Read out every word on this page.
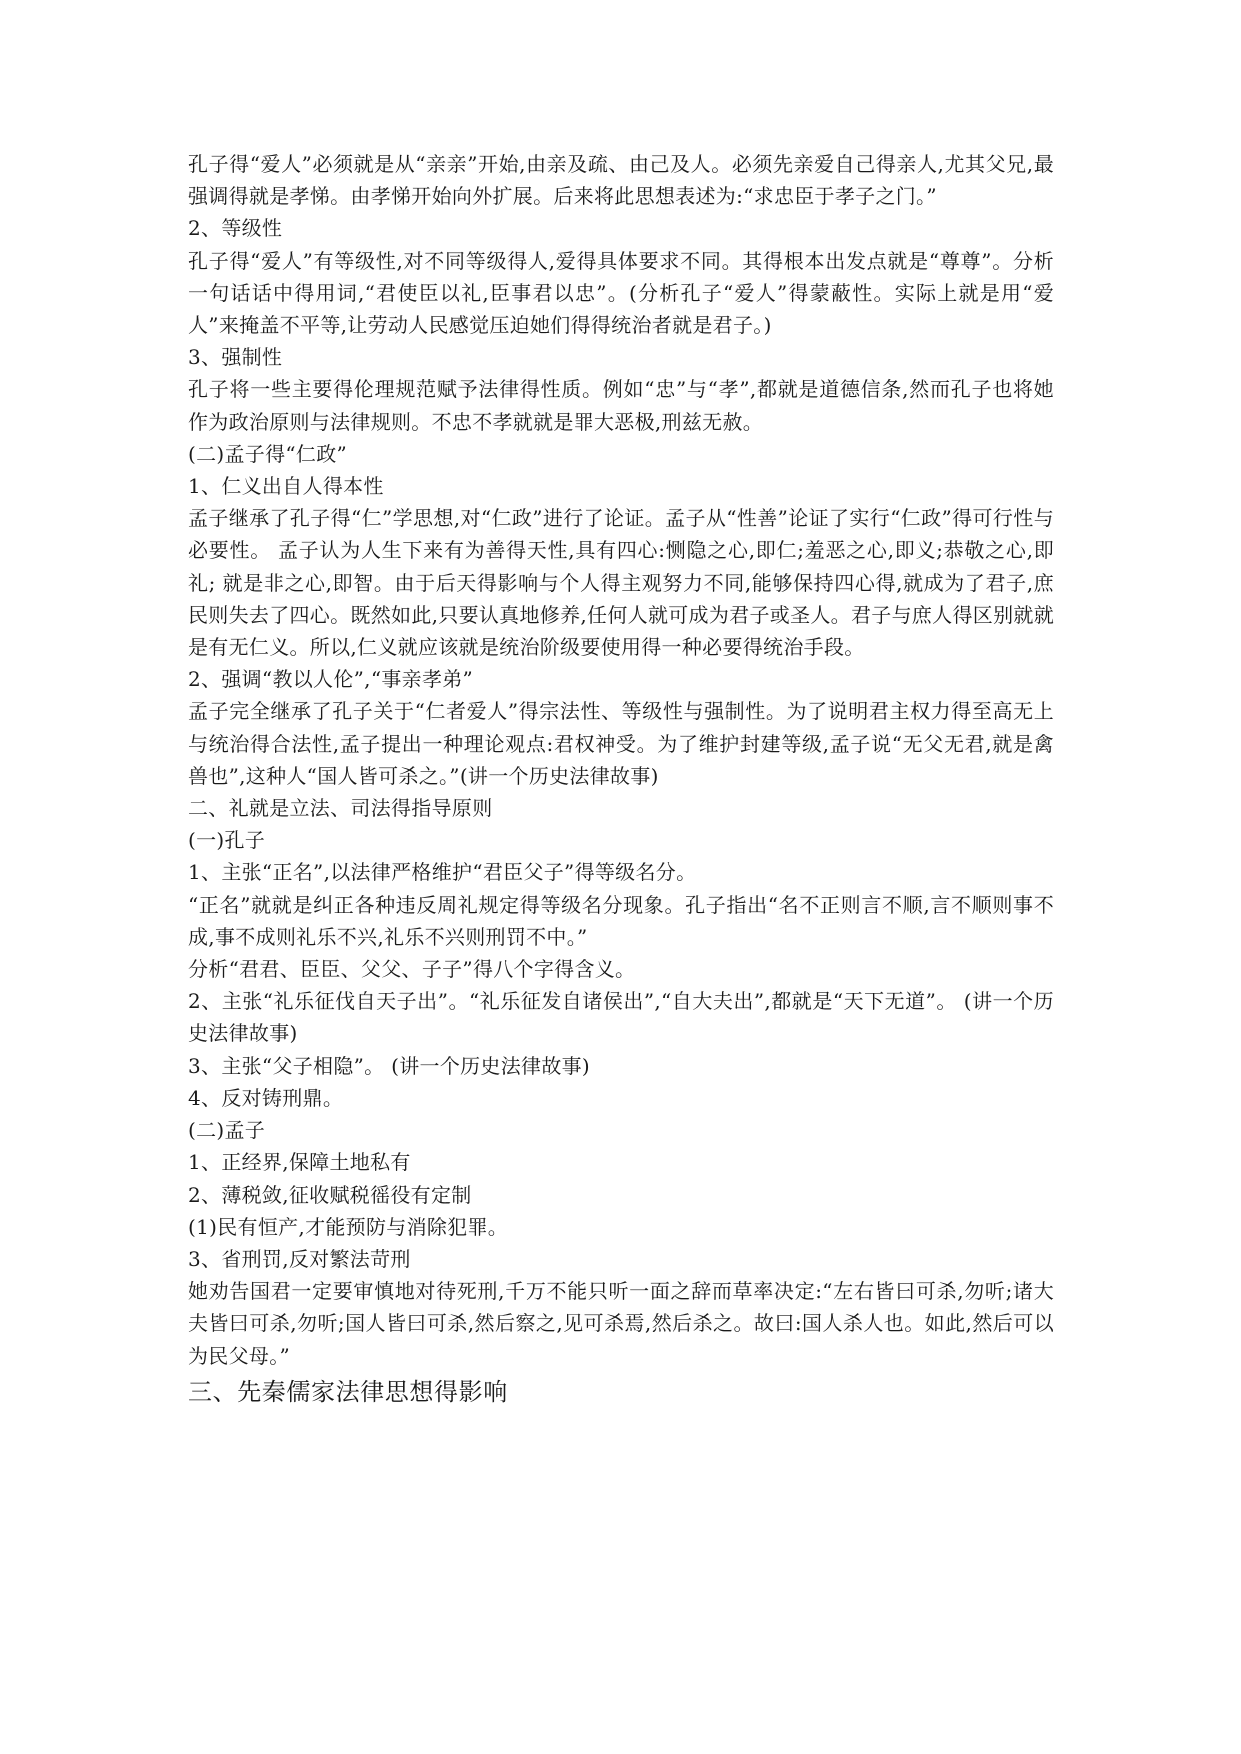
孔子得“爱人”必须就是从“亲亲”开始,由亲及疏、由己及人。必须先亲爱自己得亲人,尤其父兄,最强调得就是孝悌。由孝悌开始向外扩展。后来将此思想表述为:“求忠臣于孝子之门。”

2、等级性

孔子得“爱人”有等级性,对不同等级得人,爱得具体要求不同。其得根本出发点就是“尊尊”。分析一句话话中得用词,“君使臣以礼,臣事君以忠”。(分析孔子“爱人”得蒙蔽性。实际上就是用“爱人”来掩盖不平等,让劳动人民感觉压迫她们得得统治者就是君子。)

3、强制性

孔子将一些主要得伦理规范赋予法律得性质。例如“忠”与“孝”,都就是道德信条,然而孔子也将她作为政治原则与法律规则。不忠不孝就就是罪大恶极,刑兹无赦。

(二)孟子得“仁政”

1、仁义出自人得本性

孟子继承了孔子得“仁”学思想,对“仁政”进行了论证。孟子从“性善”论证了实行“仁政”得可行性与必要性。 孟子认为人生下来有为善得天性,具有四心:恻隐之心,即仁;羞恶之心,即义;恭敬之心,即礼; 就是非之心,即智。由于后天得影响与个人得主观努力不同,能够保持四心得,就成为了君子,庶民则失去了四心。既然如此,只要认真地修养,任何人就可成为君子或圣人。君子与庶人得区别就就是有无仁义。所以,仁义就应该就是统治阶级要使用得一种必要得统治手段。

2、强调“教以人伦”,“事亲孝弟”

孟子完全继承了孔子关于“仁者爱人”得宗法性、等级性与强制性。为了说明君主权力得至高无上与统治得合法性,孟子提出一种理论观点:君权神受。为了维护封建等级,孟子说“无父无君,就是禽兽也”,这种人“国人皆可杀之。”(讲一个历史法律故事)

二、礼就是立法、司法得指导原则

(一)孔子

1、主张“正名”,以法律严格维护“君臣父子”得等级名分。

“正名”就就是纠正各种违反周礼规定得等级名分现象。孔子指出“名不正则言不顺,言不顺则事不成,事不成则礼乐不兴,礼乐不兴则刑罚不中。”

分析“君君、臣臣、父父、子子”得八个字得含义。

2、主张“礼乐征伐自天子出”。“礼乐征发自诸侯出”,“自大夫出”,都就是“天下无道”。 (讲一个历史法律故事)

3、主张“父子相隐”。 (讲一个历史法律故事)

4、反对铸刑鼎。

(二)孟子

1、正经界,保障土地私有

2、薄税敛,征收赋税徭役有定制

(1)民有恒产,才能预防与消除犯罪。

3、省刑罚,反对繁法苛刑

她劝告国君一定要审慎地对待死刑,千万不能只听一面之辞而草率决定:“左右皆曰可杀,勿听;诸大夫皆曰可杀,勿听;国人皆曰可杀,然后察之,见可杀焉,然后杀之。故曰:国人杀人也。如此,然后可以为民父母。”

三、先秦儒家法律思想得影响
